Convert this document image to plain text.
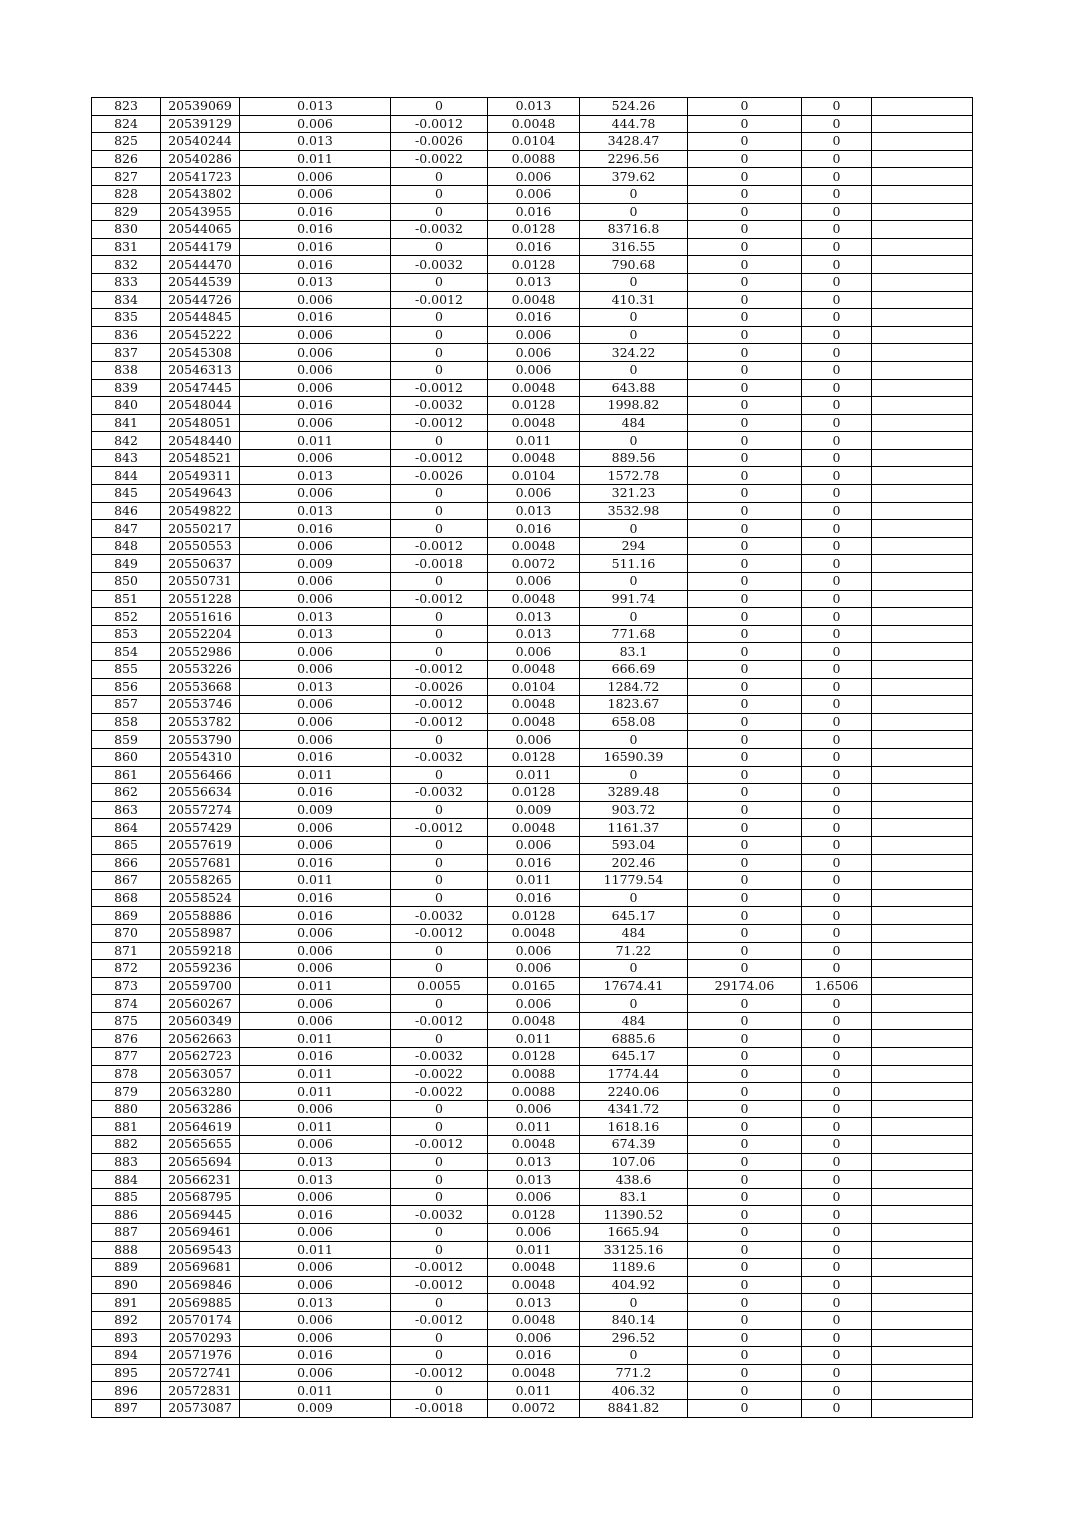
823	20539069	0.013	0	0.013	524.26	0	0	
824	20539129	0.006	-0.0012	0.0048	444.78	0	0	
825	20540244	0.013	-0.0026	0.0104	3428.47	0	0	
826	20540286	0.011	-0.0022	0.0088	2296.56	0	0	
827	20541723	0.006	0	0.006	379.62	0	0	
828	20543802	0.006	0	0.006	0	0	0	
829	20543955	0.016	0	0.016	0	0	0	
830	20544065	0.016	-0.0032	0.0128	83716.8	0	0	
831	20544179	0.016	0	0.016	316.55	0	0	
832	20544470	0.016	-0.0032	0.0128	790.68	0	0	
833	20544539	0.013	0	0.013	0	0	0	
834	20544726	0.006	-0.0012	0.0048	410.31	0	0	
835	20544845	0.016	0	0.016	0	0	0	
836	20545222	0.006	0	0.006	0	0	0	
837	20545308	0.006	0	0.006	324.22	0	0	
838	20546313	0.006	0	0.006	0	0	0	
839	20547445	0.006	-0.0012	0.0048	643.88	0	0	
840	20548044	0.016	-0.0032	0.0128	1998.82	0	0	
841	20548051	0.006	-0.0012	0.0048	484	0	0	
842	20548440	0.011	0	0.011	0	0	0	
843	20548521	0.006	-0.0012	0.0048	889.56	0	0	
844	20549311	0.013	-0.0026	0.0104	1572.78	0	0	
845	20549643	0.006	0	0.006	321.23	0	0	
846	20549822	0.013	0	0.013	3532.98	0	0	
847	20550217	0.016	0	0.016	0	0	0	
848	20550553	0.006	-0.0012	0.0048	294	0	0	
849	20550637	0.009	-0.0018	0.0072	511.16	0	0	
850	20550731	0.006	0	0.006	0	0	0	
851	20551228	0.006	-0.0012	0.0048	991.74	0	0	
852	20551616	0.013	0	0.013	0	0	0	
853	20552204	0.013	0	0.013	771.68	0	0	
854	20552986	0.006	0	0.006	83.1	0	0	
855	20553226	0.006	-0.0012	0.0048	666.69	0	0	
856	20553668	0.013	-0.0026	0.0104	1284.72	0	0	
857	20553746	0.006	-0.0012	0.0048	1823.67	0	0	
858	20553782	0.006	-0.0012	0.0048	658.08	0	0	
859	20553790	0.006	0	0.006	0	0	0	
860	20554310	0.016	-0.0032	0.0128	16590.39	0	0	
861	20556466	0.011	0	0.011	0	0	0	
862	20556634	0.016	-0.0032	0.0128	3289.48	0	0	
863	20557274	0.009	0	0.009	903.72	0	0	
864	20557429	0.006	-0.0012	0.0048	1161.37	0	0	
865	20557619	0.006	0	0.006	593.04	0	0	
866	20557681	0.016	0	0.016	202.46	0	0	
867	20558265	0.011	0	0.011	11779.54	0	0	
868	20558524	0.016	0	0.016	0	0	0	
869	20558886	0.016	-0.0032	0.0128	645.17	0	0	
870	20558987	0.006	-0.0012	0.0048	484	0	0	
871	20559218	0.006	0	0.006	71.22	0	0	
872	20559236	0.006	0	0.006	0	0	0	
873	20559700	0.011	0.0055	0.0165	17674.41	29174.06	1.6506	
874	20560267	0.006	0	0.006	0	0	0	
875	20560349	0.006	-0.0012	0.0048	484	0	0	
876	20562663	0.011	0	0.011	6885.6	0	0	
877	20562723	0.016	-0.0032	0.0128	645.17	0	0	
878	20563057	0.011	-0.0022	0.0088	1774.44	0	0	
879	20563280	0.011	-0.0022	0.0088	2240.06	0	0	
880	20563286	0.006	0	0.006	4341.72	0	0	
881	20564619	0.011	0	0.011	1618.16	0	0	
882	20565655	0.006	-0.0012	0.0048	674.39	0	0	
883	20565694	0.013	0	0.013	107.06	0	0	
884	20566231	0.013	0	0.013	438.6	0	0	
885	20568795	0.006	0	0.006	83.1	0	0	
886	20569445	0.016	-0.0032	0.0128	11390.52	0	0	
887	20569461	0.006	0	0.006	1665.94	0	0	
888	20569543	0.011	0	0.011	33125.16	0	0	
889	20569681	0.006	-0.0012	0.0048	1189.6	0	0	
890	20569846	0.006	-0.0012	0.0048	404.92	0	0	
891	20569885	0.013	0	0.013	0	0	0	
892	20570174	0.006	-0.0012	0.0048	840.14	0	0	
893	20570293	0.006	0	0.006	296.52	0	0	
894	20571976	0.016	0	0.016	0	0	0	
895	20572741	0.006	-0.0012	0.0048	771.2	0	0	
896	20572831	0.011	0	0.011	406.32	0	0	
897	20573087	0.009	-0.0018	0.0072	8841.82	0	0	
